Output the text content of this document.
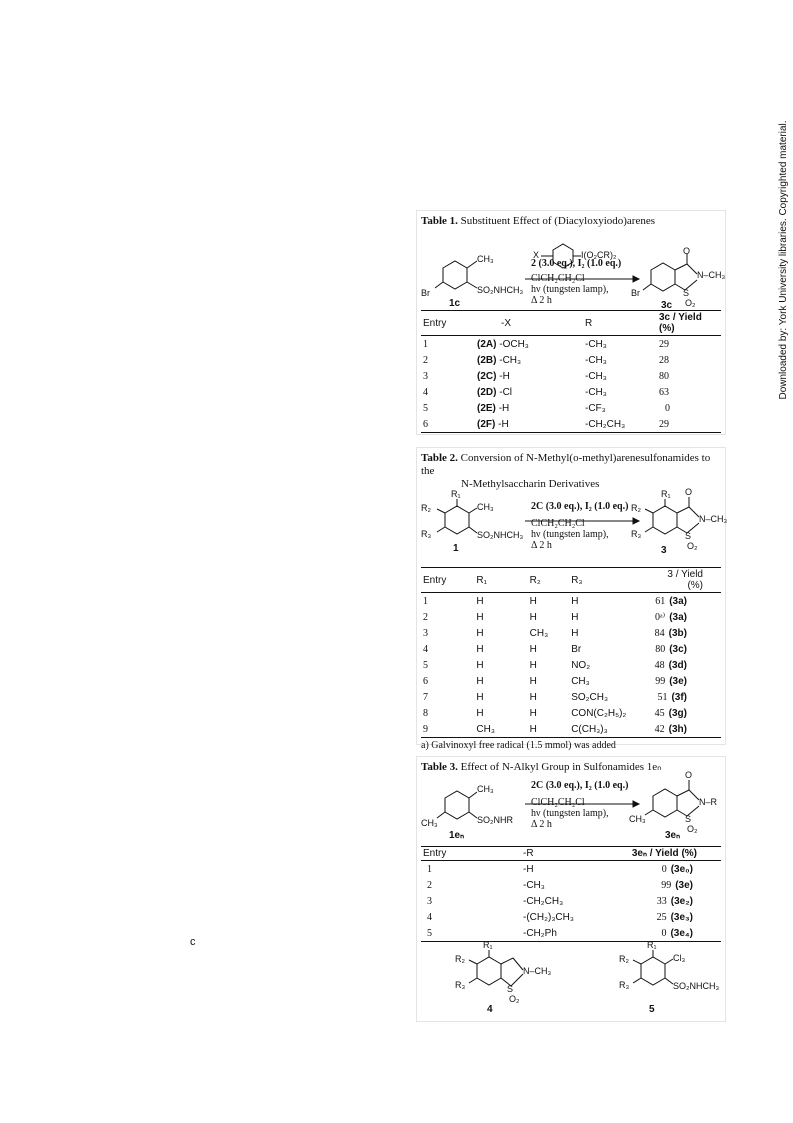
Table 1. Substituent Effect of (Diacyloxyiodo)arenes
X	I(O₂CR)₂
CH₃
Br	SO₂NHCH₃
1c
2 (3.0 eq.), I₂ (1.0 eq.)
ClCH₂CH₂Cl
hν (tungsten lamp),
Δ 2 h
O
N–CH₃
S
O₂
Br
3c
Entry	-X	R	3c / Yield (%)
1	(2A) -OCH₃	-CH₃	29
2	(2B) -CH₃	-CH₃	28
3	(2C) -H	-CH₃	80
4	(2D) -Cl	-CH₃	63
5	(2E) -H	-CF₃	0
6	(2F) -H	-CH₂CH₃	29
Table 2. Conversion of N-Methyl(o-methyl)arenesulfonamides to the
N-Methylsaccharin Derivatives
R₁
R₂	CH₃
R₃	SO₂NHCH₃
1
2C (3.0 eq.), I₂ (1.0 eq.)
ClCH₂CH₂Cl
hν (tungsten lamp),
Δ 2 h
R₁
R₂
O
N–CH₃
R₃	S
O₂
3
Entry	R₁	R₂	R₃	3 / Yield (%)
1	H	H	H	61 (3a)
2	H	H	H	0ᵃ⁾ (3a)
3	H	CH₃	H	84 (3b)
4	H	H	Br	80 (3c)
5	H	H	NO₂	48 (3d)
6	H	H	CH₃	99 (3e)
7	H	H	SO₂CH₃	51 (3f)
8	H	H	CON(C₂H₅)₂	45 (3g)
9	CH₃	H	C(CH₃)₃	42 (3h)
a) Galvinoxyl free radical (1.5 mmol) was added
Table 3. Effect of N-Alkyl Group in Sulfonamides 1eₙ
CH₃
CH₃	SO₂NHR
1eₙ
2C (3.0 eq.), I₂ (1.0 eq.)
ClCH₂CH₂Cl
hν (tungsten lamp),
Δ 2 h
O
N–R
CH₃	S
O₂
3eₙ
Entry	-R	3eₙ / Yield (%)
1	-H	0 (3e₀)
2	-CH₃	99 (3e)
3	-CH₂CH₃	33 (3e₂)
4	-(CH₂)₃CH₃	25 (3e₃)
5	-CH₂Ph	0 (3e₄)
R₁
R₂
N–CH₃
R₃	S
O₂
4
R₁
R₂	Cl₃
R₃	SO₂NHCH₃
5
c
Downloaded by: York University libraries. Copyrighted material.
